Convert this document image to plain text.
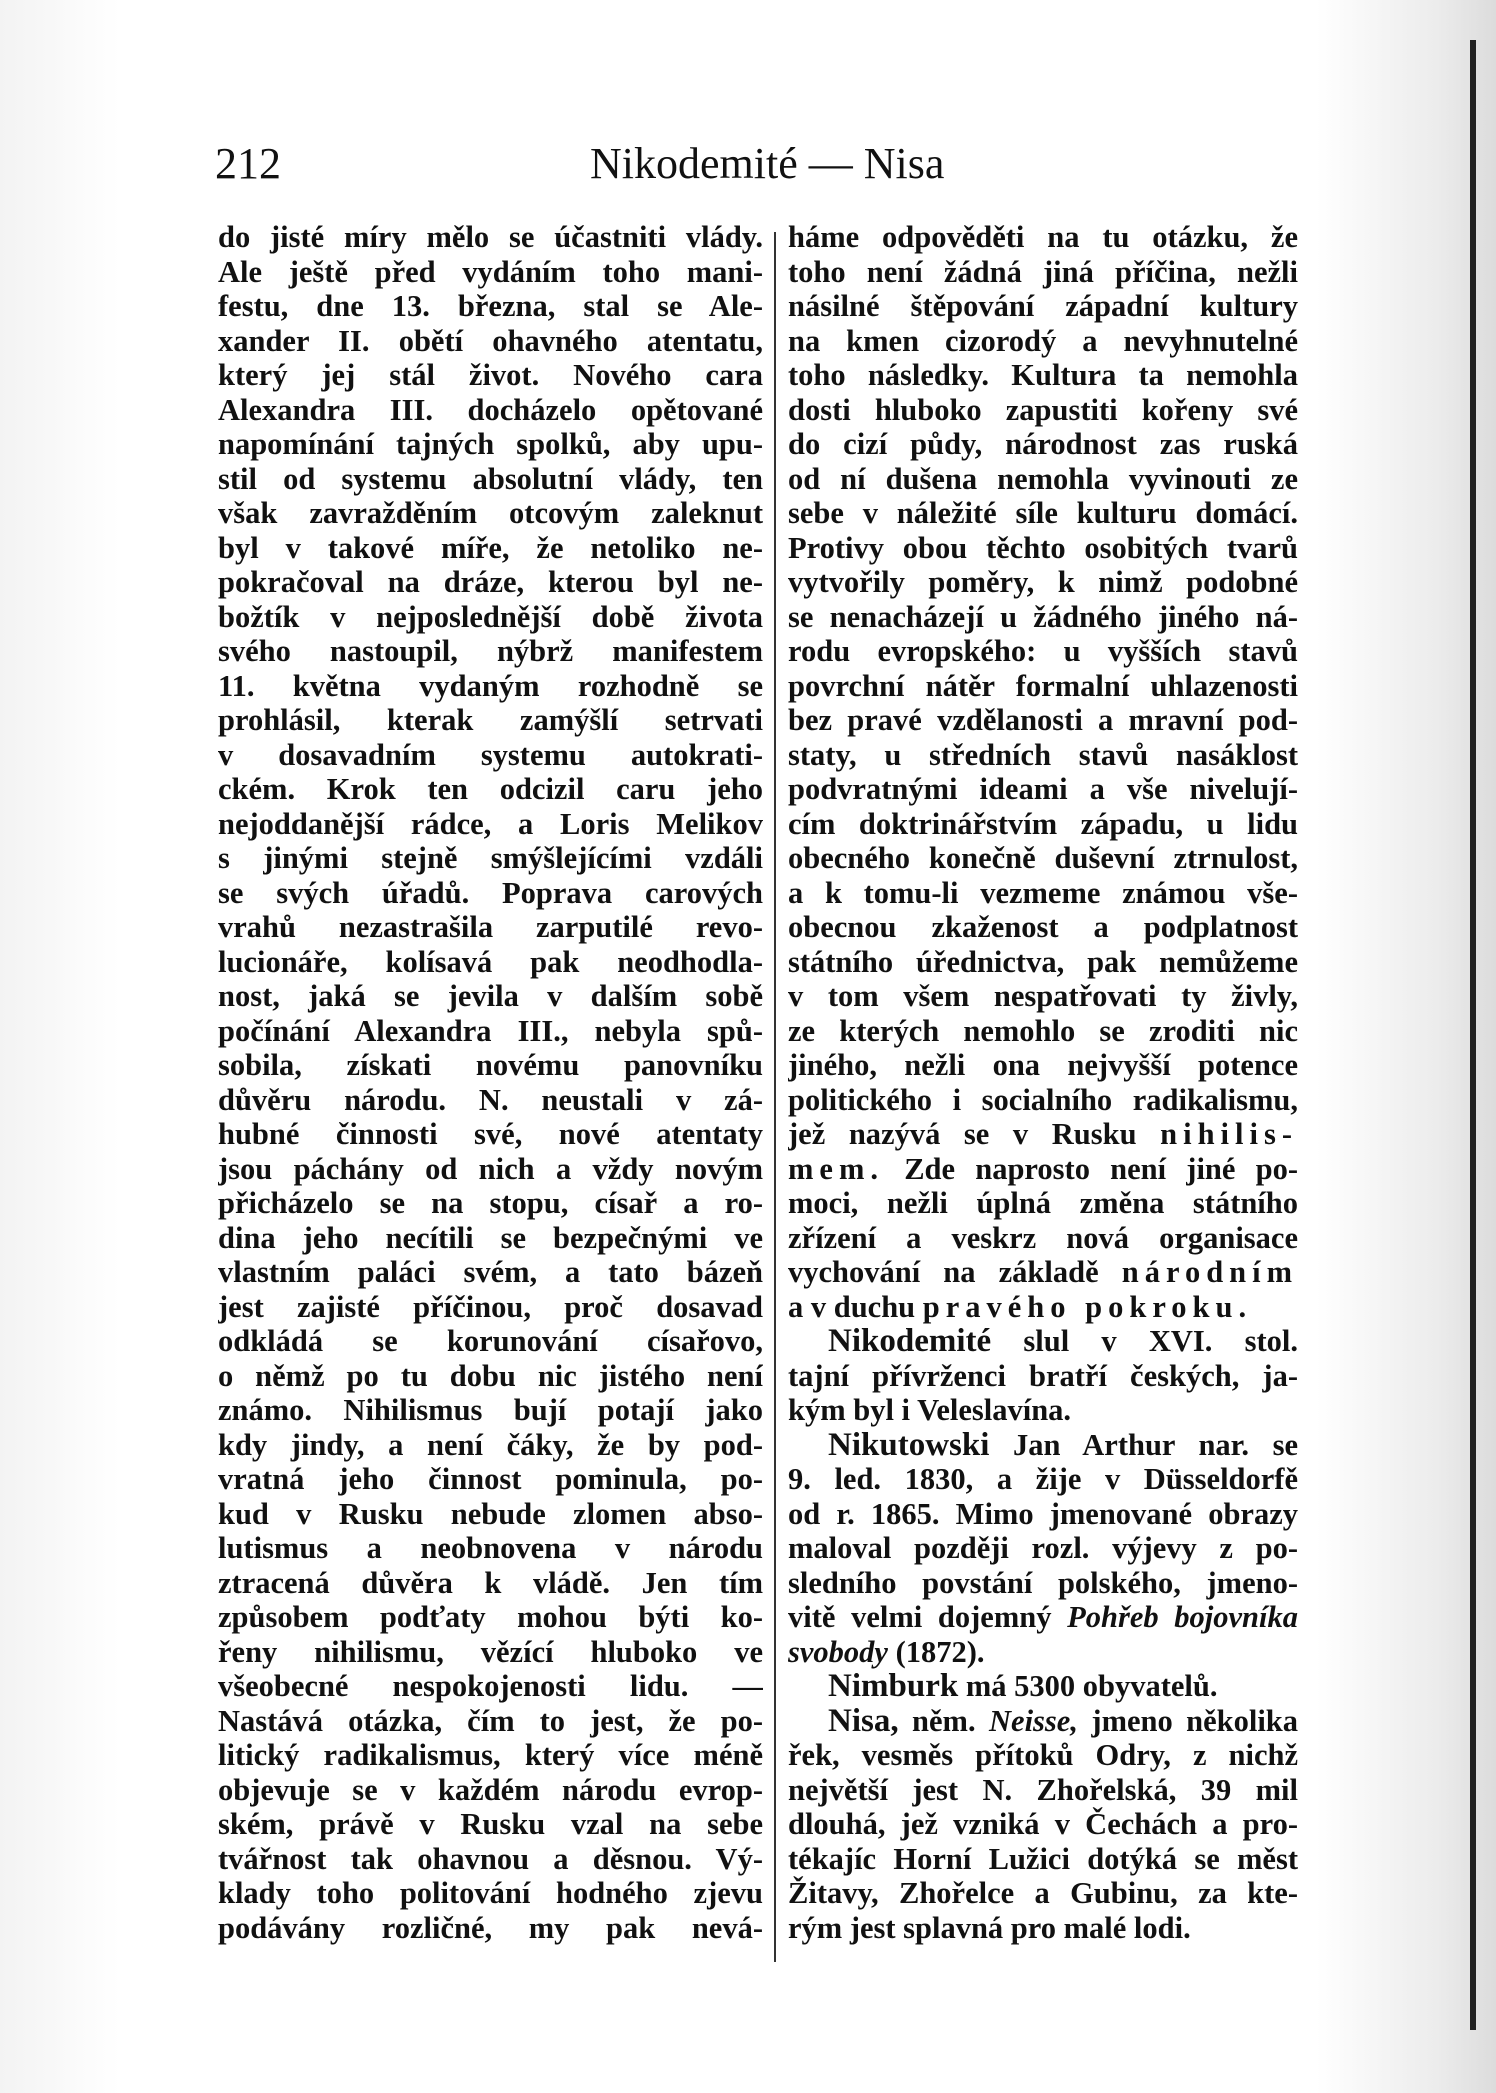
212	Nikodemité — Nisa
do jisté míry mělo se účastniti vlády.
Ale ještě před vydáním toho mani-
festu, dne 13. března, stal se Ale-
xander II. obětí ohavného atentatu,
který jej stál život. Nového cara
Alexandra III. docházelo opětované
napomínání tajných spolků, aby upu-
stil od systemu absolutní vlády, ten
však zavražděním otcovým zaleknut
byl v takové míře, že netoliko ne-
pokračoval na dráze, kterou byl ne-
božtík v nejposlednější době života
svého nastoupil, nýbrž manifestem
11. května vydaným rozhodně se
prohlásil, kterak zamýšlí setrvati
v dosavadním systemu autokrati-
ckém. Krok ten odcizil caru jeho
nejoddanější rádce, a Loris Melikov
s jinými stejně smýšlejícími vzdáli
se svých úřadů. Poprava carových
vrahů nezastrašila zarputilé revo-
lucionáře, kolísavá pak neodhodla-
nost, jaká se jevila v dalším sobě
počínání Alexandra III., nebyla spů-
sobila, získati novému panovníku
důvěru národu. N. neustali v zá-
hubné činnosti své, nové atentaty
jsou páchány od nich a vždy novým
přicházelo se na stopu, císař a ro-
dina jeho necítili se bezpečnými ve
vlastním paláci svém, a tato bázeň
jest zajisté příčinou, proč dosavad
odkládá se korunování císařovo,
o němž po tu dobu nic jistého není
známo. Nihilismus bují potají jako
kdy jindy, a není čáky, že by pod-
vratná jeho činnost pominula, po-
kud v Rusku nebude zlomen abso-
lutismus a neobnovena v národu
ztracená důvěra k vládě. Jen tím
způsobem podťaty mohou býti ko-
řeny nihilismu, vězící hluboko ve
všeobecné nespokojenosti lidu. —
Nastává otázka, čím to jest, že po-
litický radikalismus, který více méně
objevuje se v každém národu evrop-
ském, právě v Rusku vzal na sebe
tvářnost tak ohavnou a děsnou. Vý-
klady toho politování hodného zjevu
podávány rozličné, my pak nevá-
háme odpověděti na tu otázku, že
toho není žádná jiná příčina, nežli
násilné štěpování západní kultury
na kmen cizorodý a nevyhnutelné
toho následky. Kultura ta nemohla
dosti hluboko zapustiti kořeny své
do cizí půdy, národnost zas ruská
od ní dušena nemohla vyvinouti ze
sebe v náležité síle kulturu domácí.
Protivy obou těchto osobitých tvarů
vytvořily poměry, k nimž podobné
se nenacházejí u žádného jiného ná-
rodu evropského: u vyšších stavů
povrchní nátěr formalní uhlazenosti
bez pravé vzdělanosti a mravní pod-
staty, u středních stavů nasáklost
podvratnými ideami a vše nivelují-
cím doktrinářstvím západu, u lidu
obecného konečně duševní ztrnulost,
a k tomu-li vezmeme známou vše-
obecnou zkaženost a podplatnost
státního úřednictva, pak nemůžeme
v tom všem nespatřovati ty živly,
ze kterých nemohlo se zroditi nic
jiného, nežli ona nejvyšší potence
politického i socialního radikalismu,
jež nazývá se v Rusku nihilis-
mem. Zde naprosto není jiné po-
moci, nežli úplná změna státního
zřízení a veskrz nová organisace
vychování na základě národním
a v duchu pravého pokroku.
Nikodemité slul v XVI. stol.
tajní přívrženci bratří českých, ja-
kým byl i Veleslavína.
Nikutowski Jan Arthur nar. se
9. led. 1830, a žije v Düsseldorfě
od r. 1865. Mimo jmenované obrazy
maloval později rozl. výjevy z po-
sledního povstání polského, jmeno-
vitě velmi dojemný Pohřeb bojovníka
svobody (1872).
Nimburk má 5300 obyvatelů.
Nisa, něm. Neisse, jmeno několika
řek, vesměs přítoků Odry, z nichž
největší jest N. Zhořelská, 39 mil
dlouhá, jež vzniká v Čechách a pro-
tékajíc Horní Lužici dotýká se měst
Žitavy, Zhořelce a Gubinu, za kte-
rým jest splavná pro malé lodi.
